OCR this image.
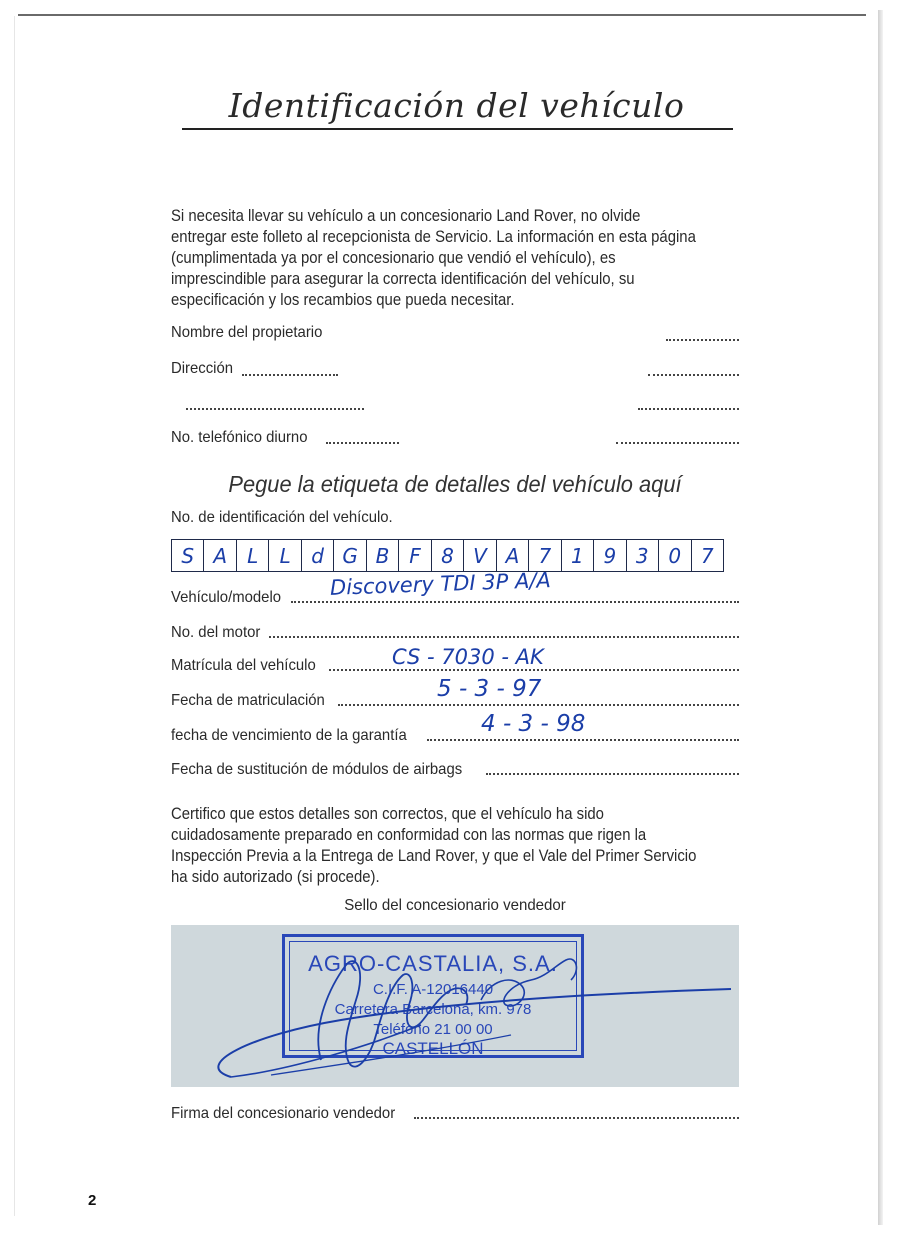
Identificación del vehículo

Si necesita llevar su vehículo a un concesionario Land Rover, no olvide
entregar este folleto al recepcionista de Servicio. La información en esta página
(cumplimentada ya por el concesionario que vendió el vehículo), es
imprescindible para asegurar la correcta identificación del vehículo, su
especificación y los recambios que pueda necesitar.

Nombre del propietario
Dirección
No. telefónico diurno
Pegue la etiqueta de detalles del vehículo aquí
No. de identificación del vehículo.
S A	L	L	d G B F	8 V A 7 1 9 3 0 7
Vehículo/modelo Discovery TDI 3P A/A
No. del motor
Matrícula del vehículo	CS - 7030 - AK
Fecha de matriculación	5 - 3 - 97
fecha de vencimiento de la garantía	4 - 3 - 98
Fecha de sustitución de módulos de airbags

Certifico que estos detalles son correctos, que el vehículo ha sido
cuidadosamente preparado en conformidad con las normas que rigen la
Inspección Previa a la Entrega de Land Rover, y que el Vale del Primer Servicio
ha sido autorizado (si procede).

Sello del concesionario vendedor
AGRO-CASTALIA, S.A.
C.I.F. A-12016440
Carretera Barcelona, km. 978
Teléfono 21 00 00
CASTELLÓN
Firma del concesionario vendedor
2
